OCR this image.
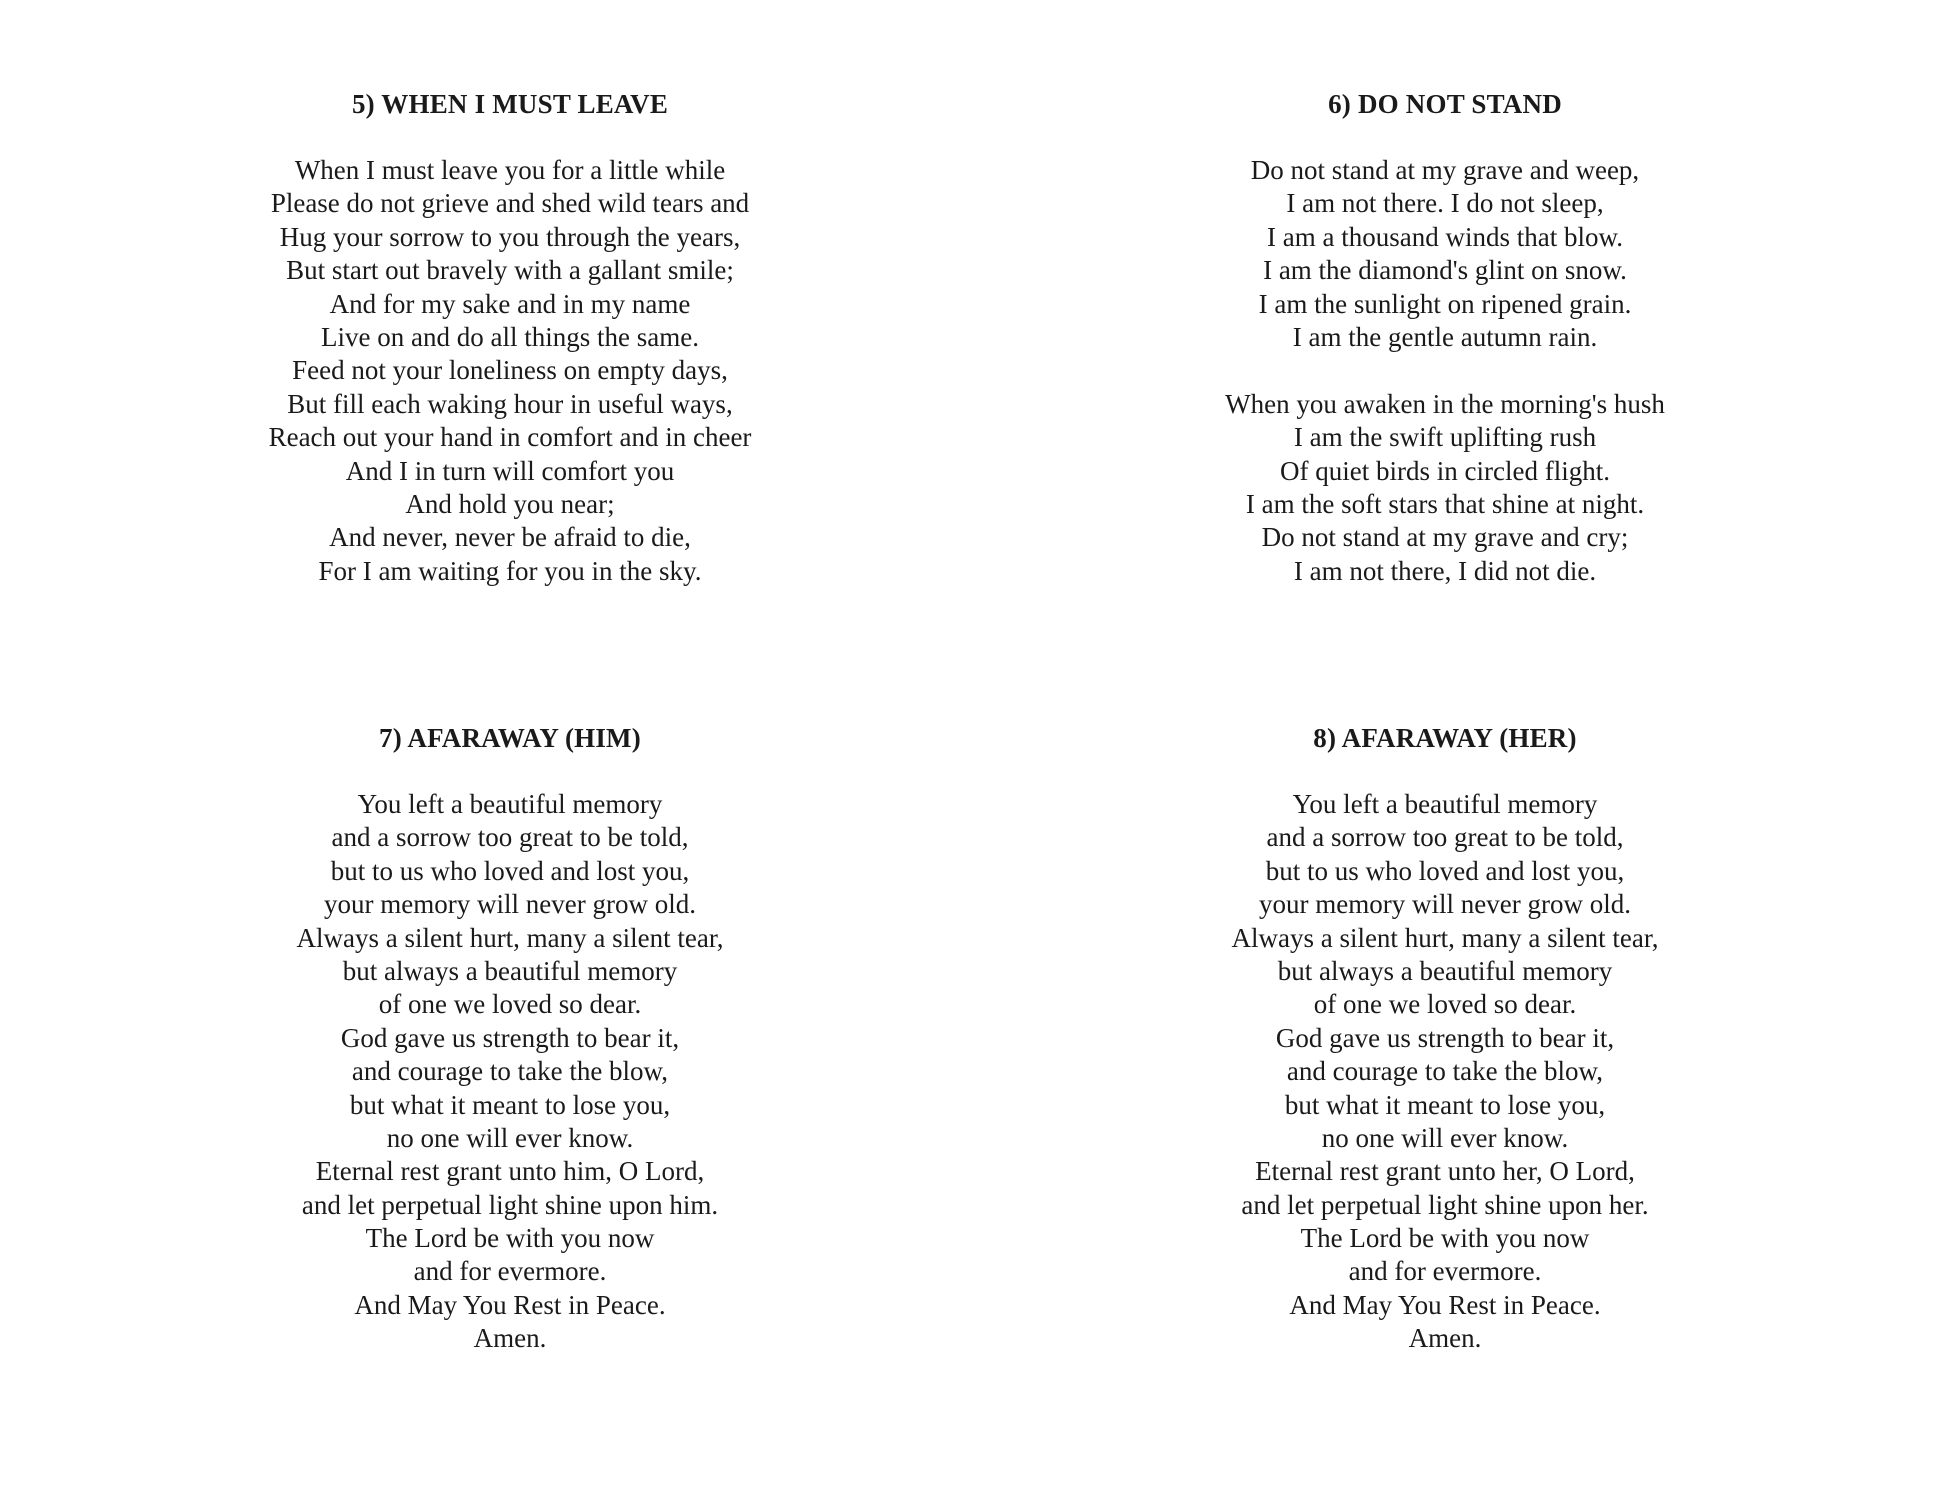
5) WHEN I MUST LEAVE
When I must leave you for a little while
Please do not grieve and shed wild tears and
Hug your sorrow to you through the years,
But start out bravely with a gallant smile;
And for my sake and in my name
Live on and do all things the same.
Feed not your loneliness on empty days,
But fill each waking hour in useful ways,
Reach out your hand in comfort and in cheer
And I in turn will comfort you
And hold you near;
And never, never be afraid to die,
For I am waiting for you in the sky.
6) DO NOT STAND
Do not stand at my grave and weep,
I am not there. I do not sleep,
I am a thousand winds that blow.
I am the diamond's glint on snow.
I am the sunlight on ripened grain.
I am the gentle autumn rain.
When you awaken in the morning's hush
I am the swift uplifting rush
Of quiet birds in circled flight.
I am the soft stars that shine at night.
Do not stand at my grave and cry;
I am not there, I did not die.
7) AFARAWAY (HIM)
You left a beautiful memory
and a sorrow too great to be told,
but to us who loved and lost you,
your memory will never grow old.
Always a silent hurt, many a silent tear,
but always a beautiful memory
of one we loved so dear.
God gave us strength to bear it,
and courage to take the blow,
but what it meant to lose you,
no one will ever know.
Eternal rest grant unto him, O Lord,
and let perpetual light shine upon him.
The Lord be with you now
and for evermore.
And May You Rest in Peace.
Amen.
8) AFARAWAY (HER)
You left a beautiful memory
and a sorrow too great to be told,
but to us who loved and lost you,
your memory will never grow old.
Always a silent hurt, many a silent tear,
but always a beautiful memory
of one we loved so dear.
God gave us strength to bear it,
and courage to take the blow,
but what it meant to lose you,
no one will ever know.
Eternal rest grant unto her, O Lord,
and let perpetual light shine upon her.
The Lord be with you now
and for evermore.
And May You Rest in Peace.
Amen.
